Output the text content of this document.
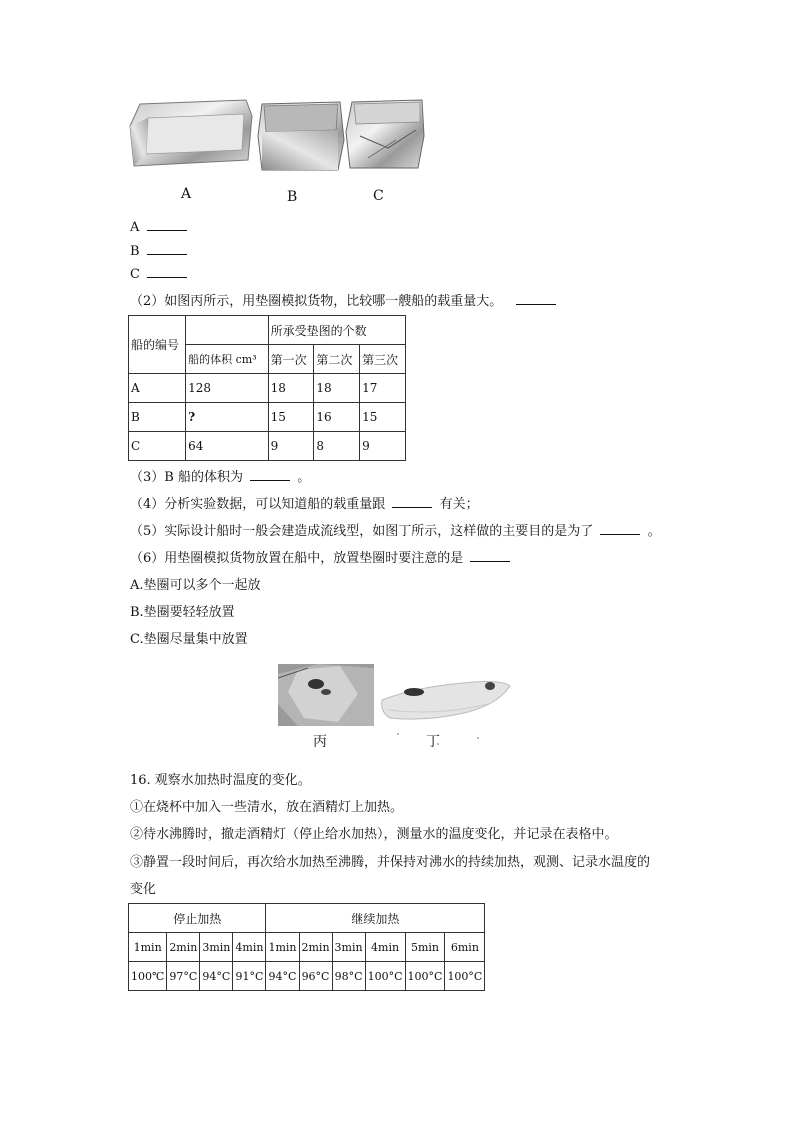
A	B	C
A
B
C
（2）如图丙所示，用垫圈模拟货物，比较哪一艘船的载重量大。
船的编号		所承受垫图的个数		
	船的体积 cm³	第一次	第二次	第三次
A	128	18	18	17
B	?	15	16	15
C	64	9	8	9
（3）B 船的体积为	。
（4）分析实验数据，可以知道船的载重量跟	有关；
（5）实际设计船时一般会建造成流线型，如图丁所示，这样做的主要目的是为了	。
（6）用垫圈模拟货物放置在船中，放置垫圈时要注意的是
A.垫圈可以多个一起放
B.垫圈要轻轻放置
C.垫圈尽量集中放置
丙	丁
16. 观察水加热时温度的变化。
①在烧杯中加入一些清水，放在酒精灯上加热。
②待水沸腾时，撤走酒精灯（停止给水加热），测量水的温度变化，并记录在表格中。
③静置一段时间后，再次给水加热至沸腾，并保持对沸水的持续加热，观测、记录水温度的
变化
停止加热				继续加热					
1min	2min	3min	4min	1min	2min	3min	4min	5min	6min
100℃	97°C	94°C	91°C	94°C	96°C	98°C	100°C	100°C	100°C
